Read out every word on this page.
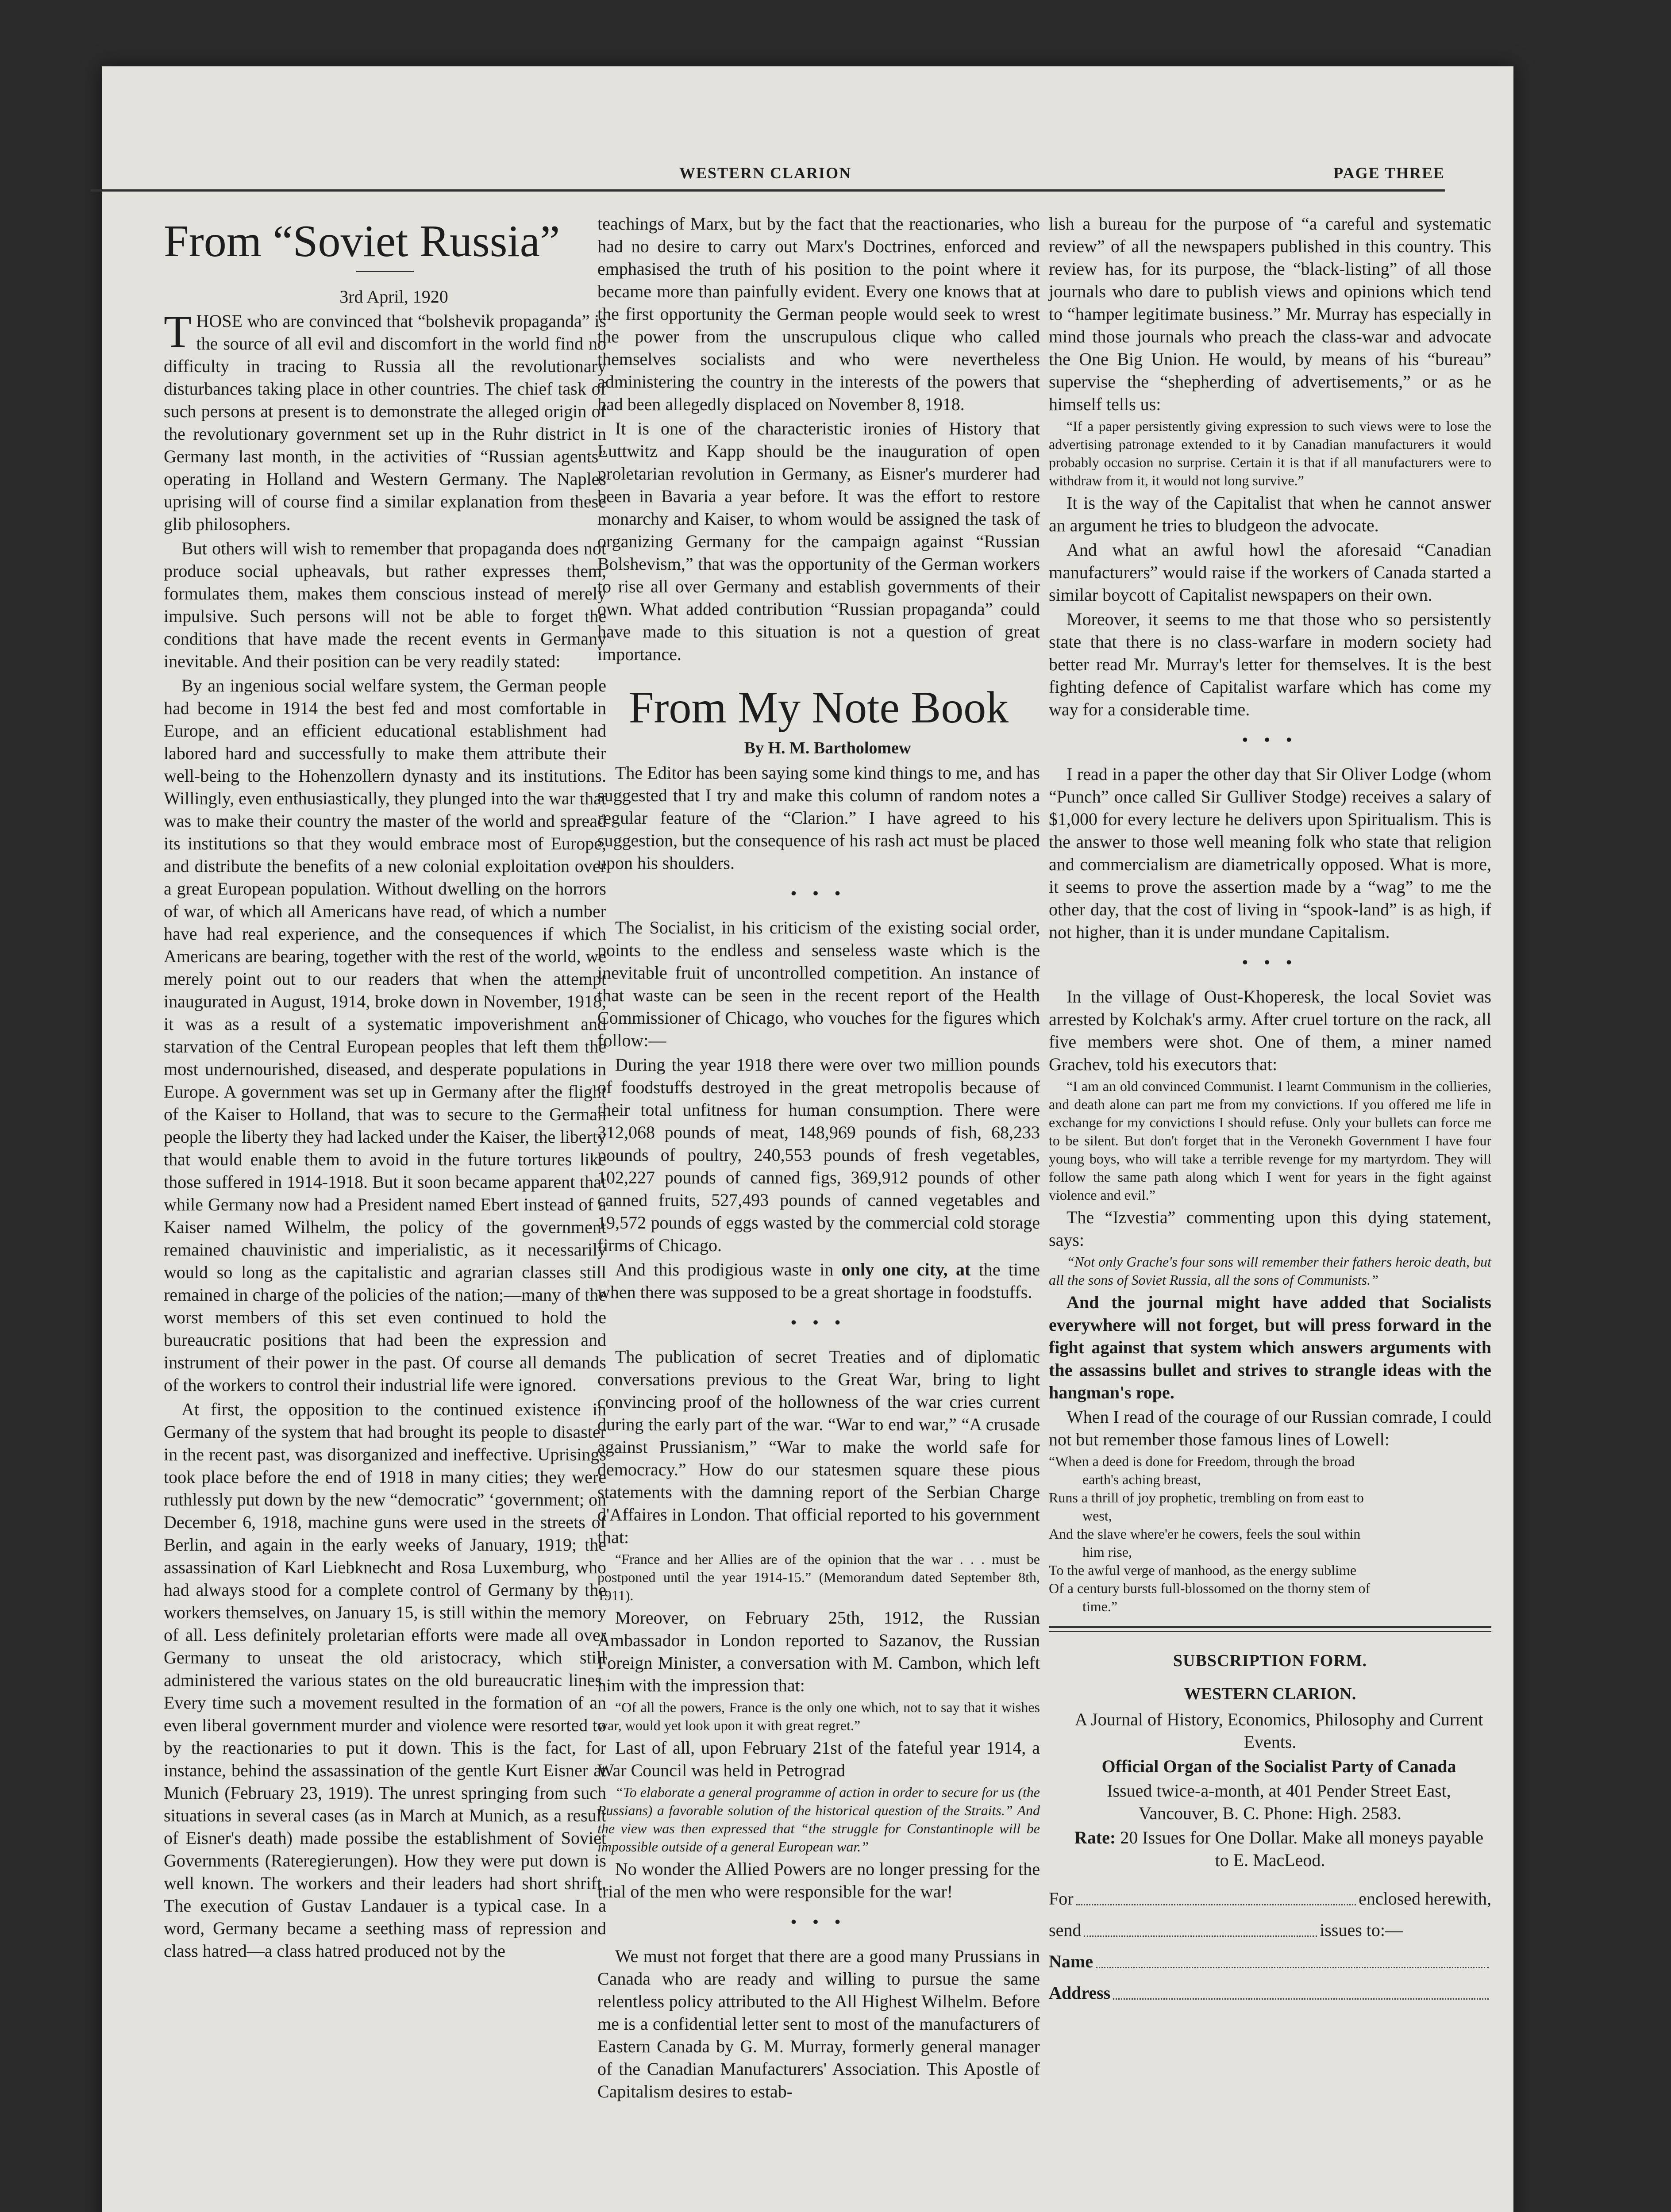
WESTERN CLARION	PAGE THREE
From “Soviet Russia”

3rd April, 1920

THOSE who are convinced that “bolshevik propaganda” is the source of all evil and discomfort in the world find no difficulty in tracing to Russia all the revolutionary disturbances taking place in other countries. The chief task of such persons at present is to demonstrate the alleged origin of the revolutionary government set up in the Ruhr district in Germany last month, in the activities of “Russian agents” operating in Holland and Western Germany. The Naples uprising will of course find a similar explanation from these glib philosophers.

But others will wish to remember that propaganda does not produce social upheavals, but rather expresses them, formulates them, makes them conscious instead of merely impulsive. Such persons will not be able to forget the conditions that have made the recent events in Germany inevitable. And their position can be very readily stated:

By an ingenious social welfare system, the German people had become in 1914 the best fed and most comfortable in Europe, and an efficient educational establishment had labored hard and successfully to make them attribute their well-being to the Hohenzollern dynasty and its institutions. Willingly, even enthusiastically, they plunged into the war that was to make their country the master of the world and spread its institutions so that they would embrace most of Europe, and distribute the benefits of a new colonial exploitation over a great European population. Without dwelling on the horrors of war, of which all Americans have read, of which a number have had real experience, and the consequences if which Americans are bearing, together with the rest of the world, we merely point out to our readers that when the attempt inaugurated in August, 1914, broke down in November, 1918, it was as a result of a systematic impoverishment and starvation of the Central European peoples that left them the most undernourished, diseased, and desperate populations in Europe. A government was set up in Germany after the flight of the Kaiser to Holland, that was to secure to the German people the liberty they had lacked under the Kaiser, the liberty that would enable them to avoid in the future tortures like those suffered in 1914-1918. But it soon became apparent that while Germany now had a President named Ebert instead of a Kaiser named Wilhelm, the policy of the government remained chauvinistic and imperialistic, as it necessarily would so long as the capitalistic and agrarian classes still remained in charge of the policies of the nation;—many of the worst members of this set even continued to hold the bureaucratic positions that had been the expression and instrument of their power in the past. Of course all demands of the workers to control their industrial life were ignored.

At first, the opposition to the continued existence in Germany of the system that had brought its people to disaster in the recent past, was disorganized and ineffective. Uprisings took place before the end of 1918 in many cities; they were ruthlessly put down by the new “democratic” ‘government; on December 6, 1918, machine guns were used in the streets of Berlin, and again in the early weeks of January, 1919; the assassination of Karl Liebknecht and Rosa Luxemburg, who had always stood for a complete control of Germany by the workers themselves, on January 15, is still within the memory of all. Less definitely proletarian efforts were made all over Germany to unseat the old aristocracy, which still administered the various states on the old bureaucratic lines. Every time such a movement resulted in the formation of an even liberal government murder and violence were resorted to by the reactionaries to put it down. This is the fact, for instance, behind the assassination of the gentle Kurt Eisner at Munich (February 23, 1919). The unrest springing from such situations in several cases (as in March at Munich, as a result of Eisner's death) made possibe the establishment of Soviet Governments (Rateregierungen). How they were put down is well known. The workers and their leaders had short shrift. The execution of Gustav Landauer is a typical case. In a word, Germany became a seething mass of repression and class hatred—a class hatred produced not by the

teachings of Marx, but by the fact that the reactionaries, who had no desire to carry out Marx's Doctrines, enforced and emphasised the truth of his position to the point where it became more than painfully evident. Every one knows that at the first opportunity the German people would seek to wrest the power from the unscrupulous clique who called themselves socialists and who were nevertheless administering the country in the interests of the powers that had been allegedly displaced on November 8, 1918.

It is one of the characteristic ironies of History that Luttwitz and Kapp should be the inauguration of open proletarian revolution in Germany, as Eisner's murderer had been in Bavaria a year before. It was the effort to restore monarchy and Kaiser, to whom would be assigned the task of organizing Germany for the campaign against “Russian Bolshevism,” that was the opportunity of the German workers to rise all over Germany and establish governments of their own. What added contribution “Russian propaganda” could have made to this situation is not a question of great importance.

From My Note Book

By H. M. Bartholomew

The Editor has been saying some kind things to me, and has suggested that I try and make this column of random notes a regular feature of the “Clarion.” I have agreed to his suggestion, but the consequence of his rash act must be placed upon his shoulders.

• • •

The Socialist, in his criticism of the existing social order, points to the endless and senseless waste which is the inevitable fruit of uncontrolled competition. An instance of that waste can be seen in the recent report of the Health Commissioner of Chicago, who vouches for the figures which follow:—

During the year 1918 there were over two million pounds of foodstuffs destroyed in the great metropolis because of their total unfitness for human consumption. There were 312,068 pounds of meat, 148,969 pounds of fish, 68,233 pounds of poultry, 240,553 pounds of fresh vegetables, 102,227 pounds of canned figs, 369,912 pounds of other canned fruits, 527,493 pounds of canned vegetables and 19,572 pounds of eggs wasted by the commercial cold storage firms of Chicago.

And this prodigious waste in only one city, at the time when there was supposed to be a great shortage in foodstuffs.

• • •

The publication of secret Treaties and of diplomatic conversations previous to the Great War, bring to light convincing proof of the hollowness of the war cries current during the early part of the war. “War to end war,” “A crusade against Prussianism,” “War to make the world safe for democracy.” How do our statesmen square these pious statements with the damning report of the Serbian Charge d'Affaires in London. That official reported to his government that:

“France and her Allies are of the opinion that the war . . . must be postponed until the year 1914-15.” (Memorandum dated September 8th, 1911).

Moreover, on February 25th, 1912, the Russian Ambassador in London reported to Sazanov, the Russian Foreign Minister, a conversation with M. Cambon, which left him with the impression that:

“Of all the powers, France is the only one which, not to say that it wishes war, would yet look upon it with great regret.”

Last of all, upon February 21st of the fateful year 1914, a War Council was held in Petrograd

“To elaborate a general programme of action in order to secure for us (the Russians) a favorable solution of the historical question of the Straits.” And the view was then expressed that “the struggle for Constantinople will be impossible outside of a general European war.”

No wonder the Allied Powers are no longer pressing for the trial of the men who were responsible for the war!

• • •

We must not forget that there are a good many Prussians in Canada who are ready and willing to pursue the same relentless policy attributed to the All Highest Wilhelm. Before me is a confidential letter sent to most of the manufacturers of Eastern Canada by G. M. Murray, formerly general manager of the Canadian Manufacturers' Association. This Apostle of Capitalism desires to estab-

lish a bureau for the purpose of “a careful and systematic review” of all the newspapers published in this country. This review has, for its purpose, the “black-listing” of all those journals who dare to publish views and opinions which tend to “hamper legitimate business.” Mr. Murray has especially in mind those journals who preach the class-war and advocate the One Big Union. He would, by means of his “bureau” supervise the “shepherding of advertisements,” or as he himself tells us:

“If a paper persistently giving expression to such views were to lose the advertising patronage extended to it by Canadian manufacturers it would probably occasion no surprise. Certain it is that if all manufacturers were to withdraw from it, it would not long survive.”

It is the way of the Capitalist that when he cannot answer an argument he tries to bludgeon the advocate.

And what an awful howl the aforesaid “Canadian manufacturers” would raise if the workers of Canada started a similar boycott of Capitalist newspapers on their own.

Moreover, it seems to me that those who so persistently state that there is no class-warfare in modern society had better read Mr. Murray's letter for themselves. It is the best fighting defence of Capitalist warfare which has come my way for a considerable time.

• • •

I read in a paper the other day that Sir Oliver Lodge (whom “Punch” once called Sir Gulliver Stodge) receives a salary of $1,000 for every lecture he delivers upon Spiritualism. This is the answer to those well meaning folk who state that religion and commercialism are diametrically opposed. What is more, it seems to prove the assertion made by a “wag” to me the other day, that the cost of living in “spook-land” is as high, if not higher, than it is under mundane Capitalism.

• • •

In the village of Oust-Khoperesk, the local Soviet was arrested by Kolchak's army. After cruel torture on the rack, all five members were shot. One of them, a miner named Grachev, told his executors that:

“I am an old convinced Communist. I learnt Communism in the collieries, and death alone can part me from my convictions. If you offered me life in exchange for my convictions I should refuse. Only your bullets can force me to be silent. But don't forget that in the Veronekh Government I have four young boys, who will take a terrible revenge for my martyrdom. They will follow the same path along which I went for years in the fight against violence and evil.”

The “Izvestia” commenting upon this dying statement, says:

“Not only Grache's four sons will remember their fathers heroic death, but all the sons of Soviet Russia, all the sons of Communists.”

And the journal might have added that Socialists everywhere will not forget, but will press forward in the fight against that system which answers arguments with the assassins bullet and strives to strangle ideas with the hangman's rope.

When I read of the courage of our Russian comrade, I could not but remember those famous lines of Lowell:

“When a deed is done for Freedom, through the broad
earth's aching breast,
Runs a thrill of joy prophetic, trembling on from east to
west,
And the slave where'er he cowers, feels the soul within
him rise,
To the awful verge of manhood, as the energy sublime
Of a century bursts full-blossomed on the thorny stem of
time.”
SUBSCRIPTION FORM.
WESTERN CLARION.

A Journal of History, Economics, Philosophy and Current Events.

Official Organ of the Socialist Party of Canada

Issued twice-a-month, at 401 Pender Street East, Vancouver, B. C. Phone: High. 2583.

Rate: 20 Issues for One Dollar. Make all moneys payable to E. MacLeod.

For	enclosed herewith,
send	issues to:—
Name
Address
